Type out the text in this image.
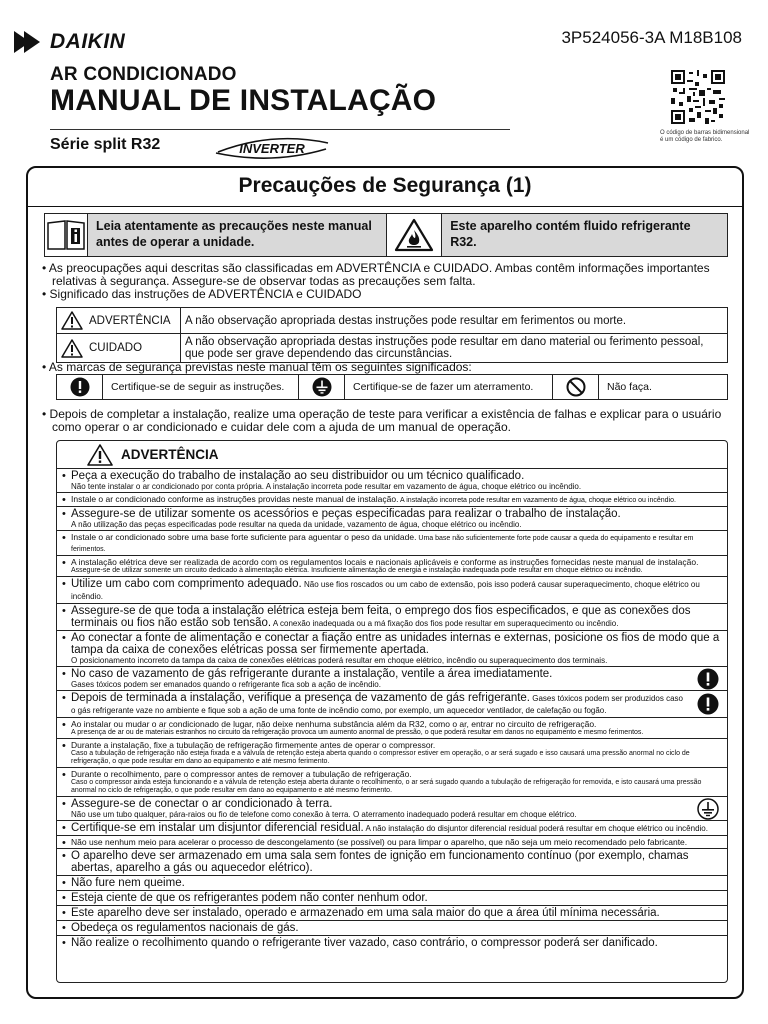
DAIKIN	3P524056-3A M18B108
AR CONDICIONADO
MANUAL DE INSTALAÇÃO
Série split R32	INVERTER
O código de barras bidimensional é um código de fabrico.
Precauções de Segurança (1)
Leia atentamente as precauções neste manual antes de operar a unidade.
Este aparelho contém fluido refrigerante R32.

• As preocupações aqui descritas são classificadas em ADVERTÊNCIA e CUIDADO. Ambas contêm informações importantes relativas à segurança. Assegure-se de observar todas as precauções sem falta.

• Significado das instruções de ADVERTÊNCIA e CUIDADO

ADVERTÊNCIA	A não observação apropriada destas instruções pode resultar em ferimentos ou morte.

CUIDADO	A não observação apropriada destas instruções pode resultar em dano material ou ferimento pessoal, que pode ser grave dependendo das circunstâncias.

• As marcas de segurança previstas neste manual têm os seguintes significados:

Certifique-se de seguir as instruções.	Certifique-se de fazer um aterramento.	Não faça.

• Depois de completar a instalação, realize uma operação de teste para verificar a existência de falhas e explicar para o usuário como operar o ar condicionado e cuidar dele com a ajuda de um manual de operação.

ADVERTÊNCIA
• Peça a execução do trabalho de instalação ao seu distribuidor ou um técnico qualificado.
Não tente instalar o ar condicionado por conta própria. A instalação incorreta pode resultar em vazamento de água, choque elétrico ou incêndio.
• Instale o ar condicionado conforme as instruções providas neste manual de instalação. A instalação incorreta pode resultar em vazamento de água, choque elétrico ou incêndio.
• Assegure-se de utilizar somente os acessórios e peças especificadas para realizar o trabalho de instalação.
A não utilização das peças especificadas pode resultar na queda da unidade, vazamento de água, choque elétrico ou incêndio.
• Instale o ar condicionado sobre uma base forte suficiente para aguentar o peso da unidade. Uma base não suficientemente forte pode causar a queda do equipamento e resultar em ferimentos.
• A instalação elétrica deve ser realizada de acordo com os regulamentos locais e nacionais aplicáveis e conforme as instruções fornecidas neste manual de instalação.
Assegure-se de utilizar somente um circuito dedicado à alimentação elétrica. Insuficiente alimentação de energia e instalação inadequada pode resultar em choque elétrico ou incêndio.
• Utilize um cabo com comprimento adequado. Não use fios roscados ou um cabo de extensão, pois isso poderá causar superaquecimento, choque elétrico ou incêndio.
• Assegure-se de que toda a instalação elétrica esteja bem feita, o emprego dos fios especificados, e que as conexões dos terminais ou fios não estão sob tensão. A conexão inadequada ou a má fixação dos fios pode resultar em superaquecimento ou incêndio.
• Ao conectar a fonte de alimentação e conectar a fiação entre as unidades internas e externas, posicione os fios de modo que a tampa da caixa de conexões elétricas possa ser firmemente apertada.
O posicionamento incorreto da tampa da caixa de conexões elétricas poderá resultar em choque elétrico, incêndio ou superaquecimento dos terminais.
• No caso de vazamento de gás refrigerante durante a instalação, ventile a área imediatamente.
Gases tóxicos podem ser emanados quando o refrigerante fica sob a ação de incêndio.
• Depois de terminada a instalação, verifique a presença de vazamento de gás refrigerante. Gases tóxicos podem ser produzidos caso o gás refrigerante vaze no ambiente e fique sob a ação de uma fonte de incêndio como, por exemplo, um aquecedor ventilador, de calefação ou fogão.
• Ao instalar ou mudar o ar condicionado de lugar, não deixe nenhuma substância além da R32, como o ar, entrar no circuito de refrigeração.
A presença de ar ou de materiais estranhos no circuito da refrigeração provoca um aumento anormal de pressão, o que poderá resultar em danos no equipamento e mesmo ferimentos.
• Durante a instalação, fixe a tubulação de refrigeração firmemente antes de operar o compressor.
Caso a tubulação de refrigeração não esteja fixada e a válvula de retenção esteja aberta quando o compressor estiver em operação, o ar será sugado e isso causará uma pressão anormal no ciclo de refrigeração, o que pode resultar em dano ao equipamento e até mesmo ferimento.
• Durante o recolhimento, pare o compressor antes de remover a tubulação de refrigeração.
Caso o compressor ainda esteja funcionando e a válvula de retenção esteja aberta durante o recolhimento, o ar será sugado quando a tubulação de refrigeração for removida, e isto causará uma pressão anormal no ciclo de refrigeração, o que pode resultar em dano ao equipamento e até mesmo ferimento.
• Assegure-se de conectar o ar condicionado à terra.
Não use um tubo qualquer, pára-raios ou fio de telefone como conexão à terra. O aterramento inadequado poderá resultar em choque elétrico.
• Certifique-se em instalar um disjuntor diferencial residual. A não instalação do disjuntor diferencial residual poderá resultar em choque elétrico ou incêndio.
• Não use nenhum meio para acelerar o processo de descongelamento (se possível) ou para limpar o aparelho, que não seja um meio recomendado pelo fabricante.
• O aparelho deve ser armazenado em uma sala sem fontes de ignição em funcionamento contínuo (por exemplo, chamas abertas, aparelho a gás ou aquecedor elétrico).
• Não fure nem queime.
• Esteja ciente de que os refrigerantes podem não conter nenhum odor.
• Este aparelho deve ser instalado, operado e armazenado em uma sala maior do que a área útil mínima necessária.
• Obedeça os regulamentos nacionais de gás.
• Não realize o recolhimento quando o refrigerante tiver vazado, caso contrário, o compressor poderá ser danificado.
